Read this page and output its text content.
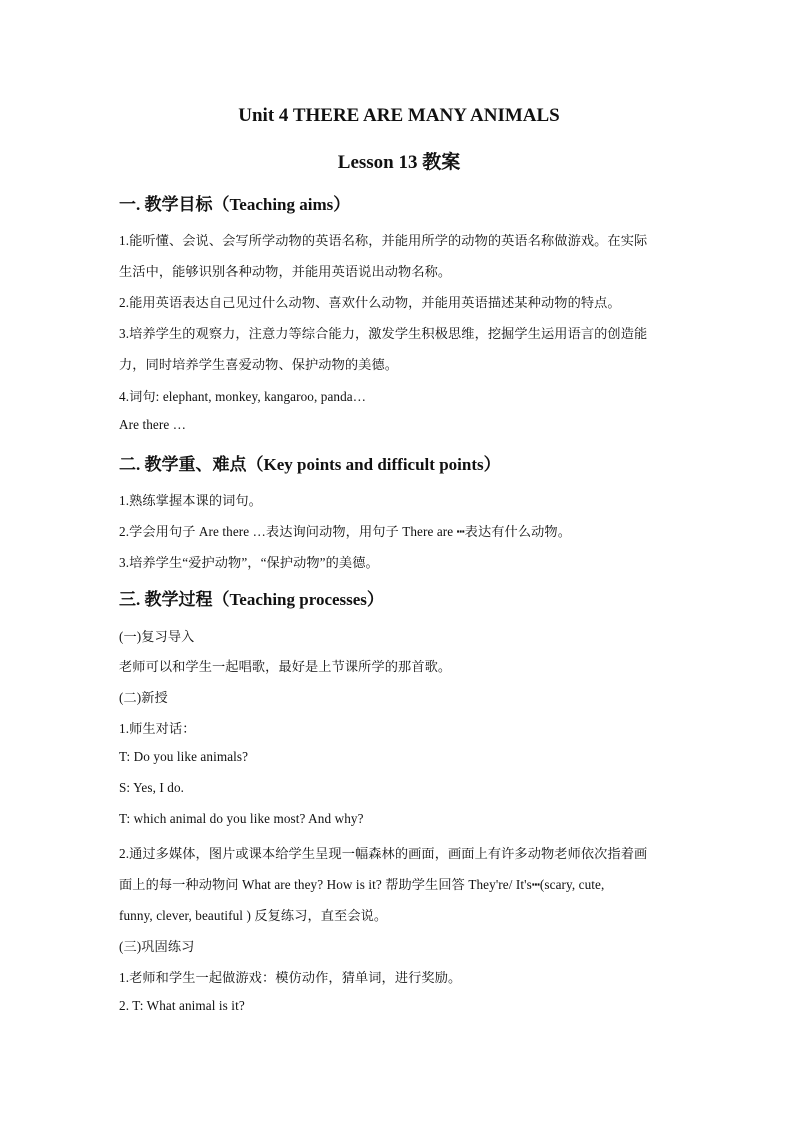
Unit 4 THERE ARE MANY ANIMALS
Lesson 13 教案
一. 教学目标（Teaching aims）
1.能听懂、会说、会写所学动物的英语名称，并能用所学的动物的英语名称做游戏。在实际
生活中，能够识别各种动物，并能用英语说出动物名称。
2.能用英语表达自己见过什么动物、喜欢什么动物，并能用英语描述某种动物的特点。
3.培养学生的观察力，注意力等综合能力，激发学生积极思维，挖掘学生运用语言的创造能
力，同时培养学生喜爱动物、保护动物的美德。
4.词句: elephant, monkey, kangaroo, panda…
Are there …
二. 教学重、难点（Key points and difficult points）
1.熟练掌握本课的词句。
2.学会用句子 Are there …表达询问动物，用句子 There are ┅表达有什么动物。
3.培养学生“爱护动物”，“保护动物”的美德。
三. 教学过程（Teaching processes）
(一)复习导入
老师可以和学生一起唱歌，最好是上节课所学的那首歌。
(二)新授
1.师生对话：
T: Do you like animals?
S: Yes, I do.
T: which animal do you like most? And why?
2.通过多媒体，图片或课本给学生呈现一幅森林的画面，画面上有许多动物老师依次指着画
面上的每一种动物问 What are they? How is it? 帮助学生回答 They're/ It's┅(scary, cute,
funny, clever, beautiful ) 反复练习，直至会说。
(三)巩固练习
1.老师和学生一起做游戏：模仿动作，猜单词，进行奖励。
2. T: What animal is it?
